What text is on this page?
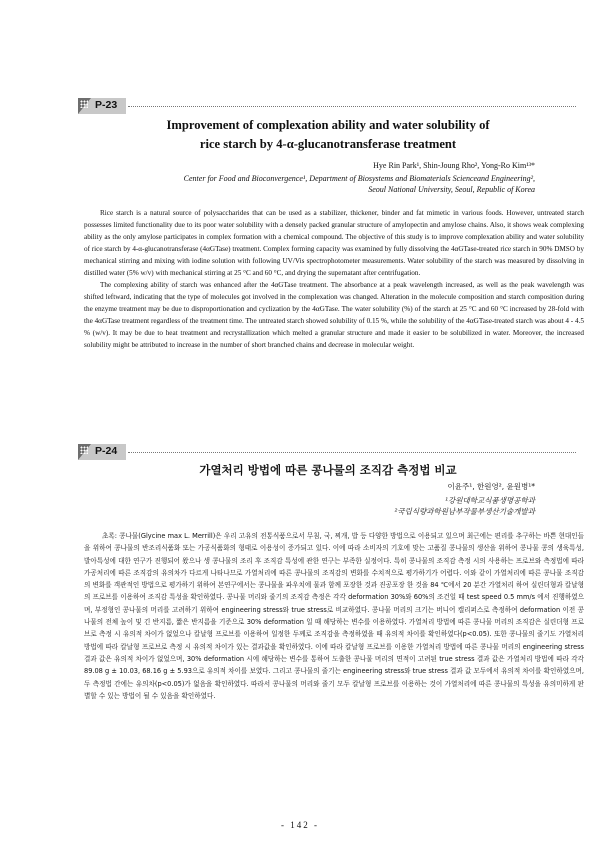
P-23
Improvement of complexation ability and water solubility of
rice starch by 4-α-glucanotransferase treatment
Hye Rin Park¹, Shin-Joung Rho², Yong-Ro Kim¹³*
Center for Food and Bioconvergence¹, Department of Biosystems and Biomaterials Scienceand Engineering²,
Seoul National University, Seoul, Republic of Korea

Rice starch is a natural source of polysaccharides that can be used as a stabilizer, thickener, binder and fat mimetic in various foods. However, untreated starch possesses limited functionality due to its poor water solubility with a densely packed granular structure of amylopectin and amylose chains. Also, it shows weak complexing ability as the only amylose participates in complex formation with a chemical compound. The objective of this study is to improve complexation ability and water solubility of rice starch by 4-α-glucanotransferase (4αGTase) treatment. Complex forming capacity was examined by fully dissolving the 4αGTase-treated rice starch in 90% DMSO by mechanical stirring and mixing with iodine solution with following UV/Vis spectrophotometer measurements. Water solubility of the starch was measured by dissolving in distilled water (5% w/v) with mechanical stirring at 25 °C and 60 °C, and drying the supernatant after centrifugation.

The complexing ability of starch was enhanced after the 4αGTase treatment. The absorbance at a peak wavelength increased, as well as the peak wavelength was shifted leftward, indicating that the type of molecules got involved in the complexation was changed. Alteration in the molecule composition and starch composition during the enzyme treatment may be due to disproportionation and cyclization by the 4αGTase. The water solubility (%) of the starch at 25 °C and 60 °C increased by 28-fold with the 4αGTase treatment regardless of the treatment time. The untreated starch showed solubility of 0.15 %, while the solubility of the 4αGTase-treated starch was about 4 - 4.5 % (w/v). It may be due to heat treatment and recrystallization which melted a granular structure and made it easier to be solubilized in water. Moreover, the increased solubility might be attributed to increase in the number of short branched chains and decrease in molecular weight.

P-24
가열처리 방법에 따른 콩나물의 조직감 측정법 비교
이윤주¹, 한원영², 윤원병¹*
¹강원대학교식품생명공학과
²국립식량과학원남부작물부생산기술개발과

초록: 콩나물(Glycine max L. Merrill)은 우리 고유의 전통식품으로서 무침, 국, 찌개, 밥 등 다양한 방법으로 이용되고 있으며 최근에는 편리를 추구하는 바쁜 현대인들을 위하여 콩나물의 반조리식품화 또는 가공식품화의 형태로 이용성이 증가되고 있다. 이에 따라 소비자의 기호에 맞는 고품질 콩나물의 생산을 위하여 콩나물 콩의 생육특성, 발아특성에 대한 연구가 진행되어 왔으나 생 콩나물의 조리 후 조직감 특성에 관한 연구는 부족한 실정이다. 특히 콩나물의 조직감 측정 시의 사용하는 프로브와 측정법에 따라 가공처리에 따른 조직감의 유의차가 다르게 나타나므로 가열처리에 따른 콩나물의 조직감의 변화를 수치적으로 평가하기가 어렵다. 이와 같이 가열처리에 따른 콩나물 조직감의 변화를 객관적인 방법으로 평가하기 위하여 본연구에서는 콩나물을 파우치에 물과 함께 포장한 것과 진공포장 한 것을 84 ℃에서 20 분간 가열처리 하여 실린더형과 칼날형의 프로브를 이용하여 조직감 특성을 확인하였다. 콩나물 머리와 줄기의 조직감 측정은 각각 deformation 30%와 60%의 조건일 때 test speed 0.5 mm/s 에서 진행하였으며, 부정형인 콩나물의 머리를 고려하기 위하여 engineering stress와 true stress로 비교하였다. 콩나물 머리의 크기는 버니어 캘리퍼스로 측정하여 deformation 이전 콩나물의 전체 높이 및 긴 반지름, 짧은 반지름을 기준으로 30% deformation 일 때 해당하는 변수를 이용하였다. 가열처리 방법에 따른 콩나물 머리의 조직감은 실린더형 프로브로 측정 시 유의적 차이가 없었으나 칼날형 프로브를 이용하여 일정한 두께로 조직감을 측정하였을 때 유의적 차이를 확인하였다(p<0.05). 또한 콩나물의 줄기도 가열처리 방법에 따라 칼날형 프로브로 측정 시 유의적 차이가 있는 결과값을 확인하였다. 이에 따라 칼날형 프로브를 이용한 가열처리 방법에 따른 콩나물 머리의 engineering stress 결과 값은 유의적 차이가 없었으며, 30% deformation 시에 해당하는 변수를 통하여 도출한 콩나물 머리의 면적이 고려된 true stress 결과 값은 가열처리 방법에 따라 각각 89.08 g ± 10.03, 68.16 g ± 5.93으로 유의적 차이를 보였다. 그리고 콩나물의 줄기는 engineering stress와 true stress 결과 값 모두에서 유의적 차이를 확인하였으며, 두 측정법 간에는 유의차(p<0.05)가 없음을 확인하였다. 따라서 콩나물의 머리와 줄기 모두 칼날형 프로브를 이용하는 것이 가열처리에 따른 콩나물의 특성을 유의미하게 판별할 수 있는 방법이 될 수 있음을 확인하였다.

- 142 -
